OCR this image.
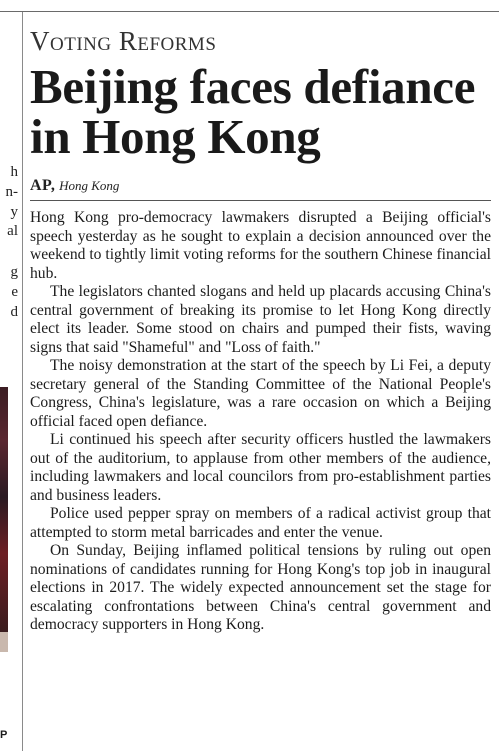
h
n-
y
al
g
e
d
P
Voting Reforms
Beijing faces defiance in Hong Kong
AP, Hong Kong

Hong Kong pro-democracy lawmakers disrupted a Beijing official's speech yesterday as he sought to explain a decision announced over the weekend to tightly limit voting reforms for the southern Chinese financial hub.

The legislators chanted slogans and held up placards accusing China's central government of breaking its promise to let Hong Kong directly elect its leader. Some stood on chairs and pumped their fists, waving signs that said "Shameful" and "Loss of faith."

The noisy demonstration at the start of the speech by Li Fei, a deputy secretary general of the Standing Committee of the National People's Congress, China's legislature, was a rare occasion on which a Beijing official faced open defiance.

Li continued his speech after security officers hustled the lawmakers out of the auditorium, to applause from other members of the audience, including lawmakers and local councilors from pro-establishment parties and business leaders.

Police used pepper spray on members of a radical activist group that attempted to storm metal barricades and enter the venue.

On Sunday, Beijing inflamed political tensions by ruling out open nominations of candidates running for Hong Kong's top job in inaugural elections in 2017. The widely expected announcement set the stage for escalating confrontations between China's central government and democracy supporters in Hong Kong.
